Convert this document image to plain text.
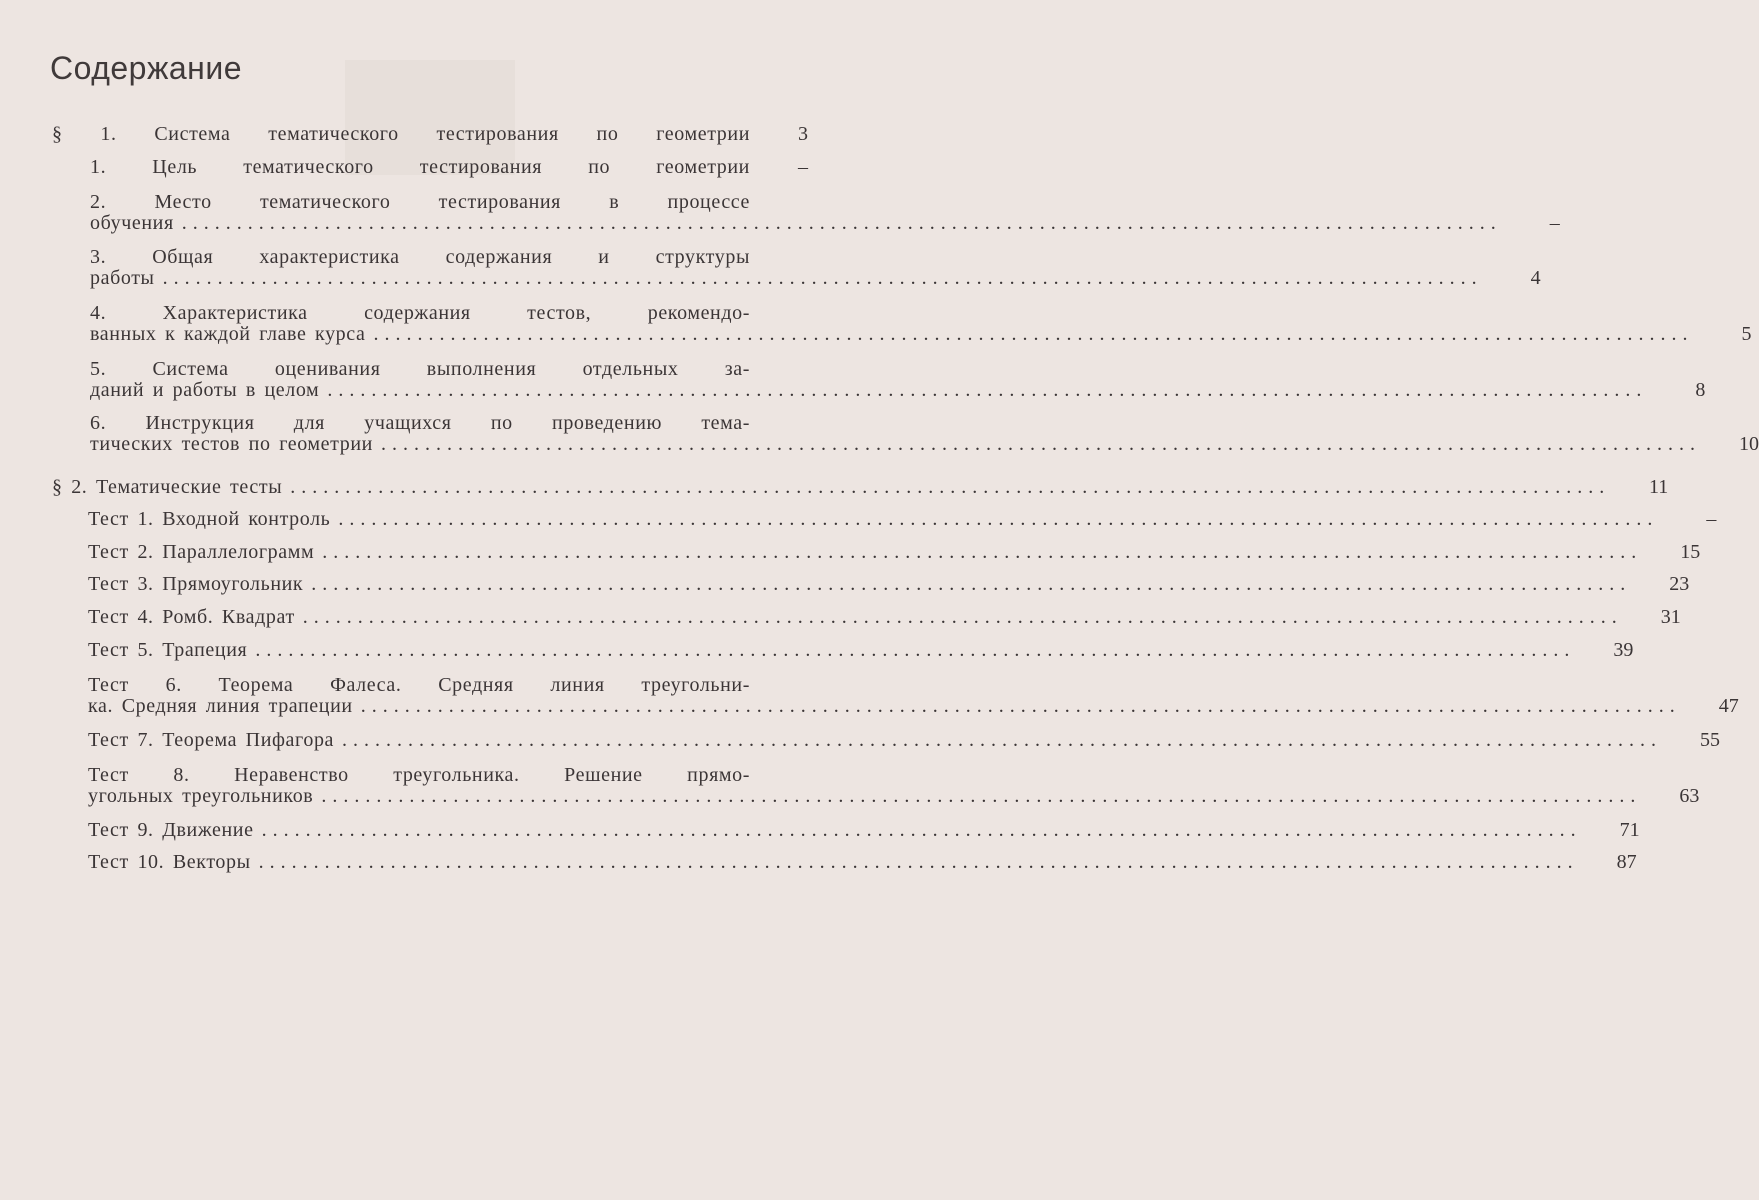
Содержание
§ 1. Система тематического тестирования по геометрии	3
1. Цель тематического тестирования по геометрии	–
2. Место тематического тестирования в процессе
обучения ........................................................................................................................	–
3. Общая характеристика содержания и структуры
работы ........................................................................................................................	4
4. Характеристика содержания тестов, рекомендо-
ванных к каждой главе курса ........................................................................................................................	5
5. Система оценивания выполнения отдельных за-
даний и работы в целом ........................................................................................................................	8
6. Инструкция для учащихся по проведению тема-
тических тестов по геометрии ........................................................................................................................	10
§ 2. Тематические тесты ........................................................................................................................	11
Тест 1. Входной контроль ........................................................................................................................	–
Тест 2. Параллелограмм ........................................................................................................................	15
Тест 3. Прямоугольник ........................................................................................................................	23
Тест 4. Ромб. Квадрат ........................................................................................................................	31
Тест 5. Трапеция ........................................................................................................................	39
Тест 6. Теорема Фалеса. Средняя линия треугольни-
ка. Средняя линия трапеции ........................................................................................................................	47
Тест 7. Теорема Пифагора ........................................................................................................................	55
Тест 8. Неравенство треугольника. Решение прямо-
угольных треугольников ........................................................................................................................	63
Тест 9. Движение ........................................................................................................................	71
Тест 10. Векторы ........................................................................................................................	87
